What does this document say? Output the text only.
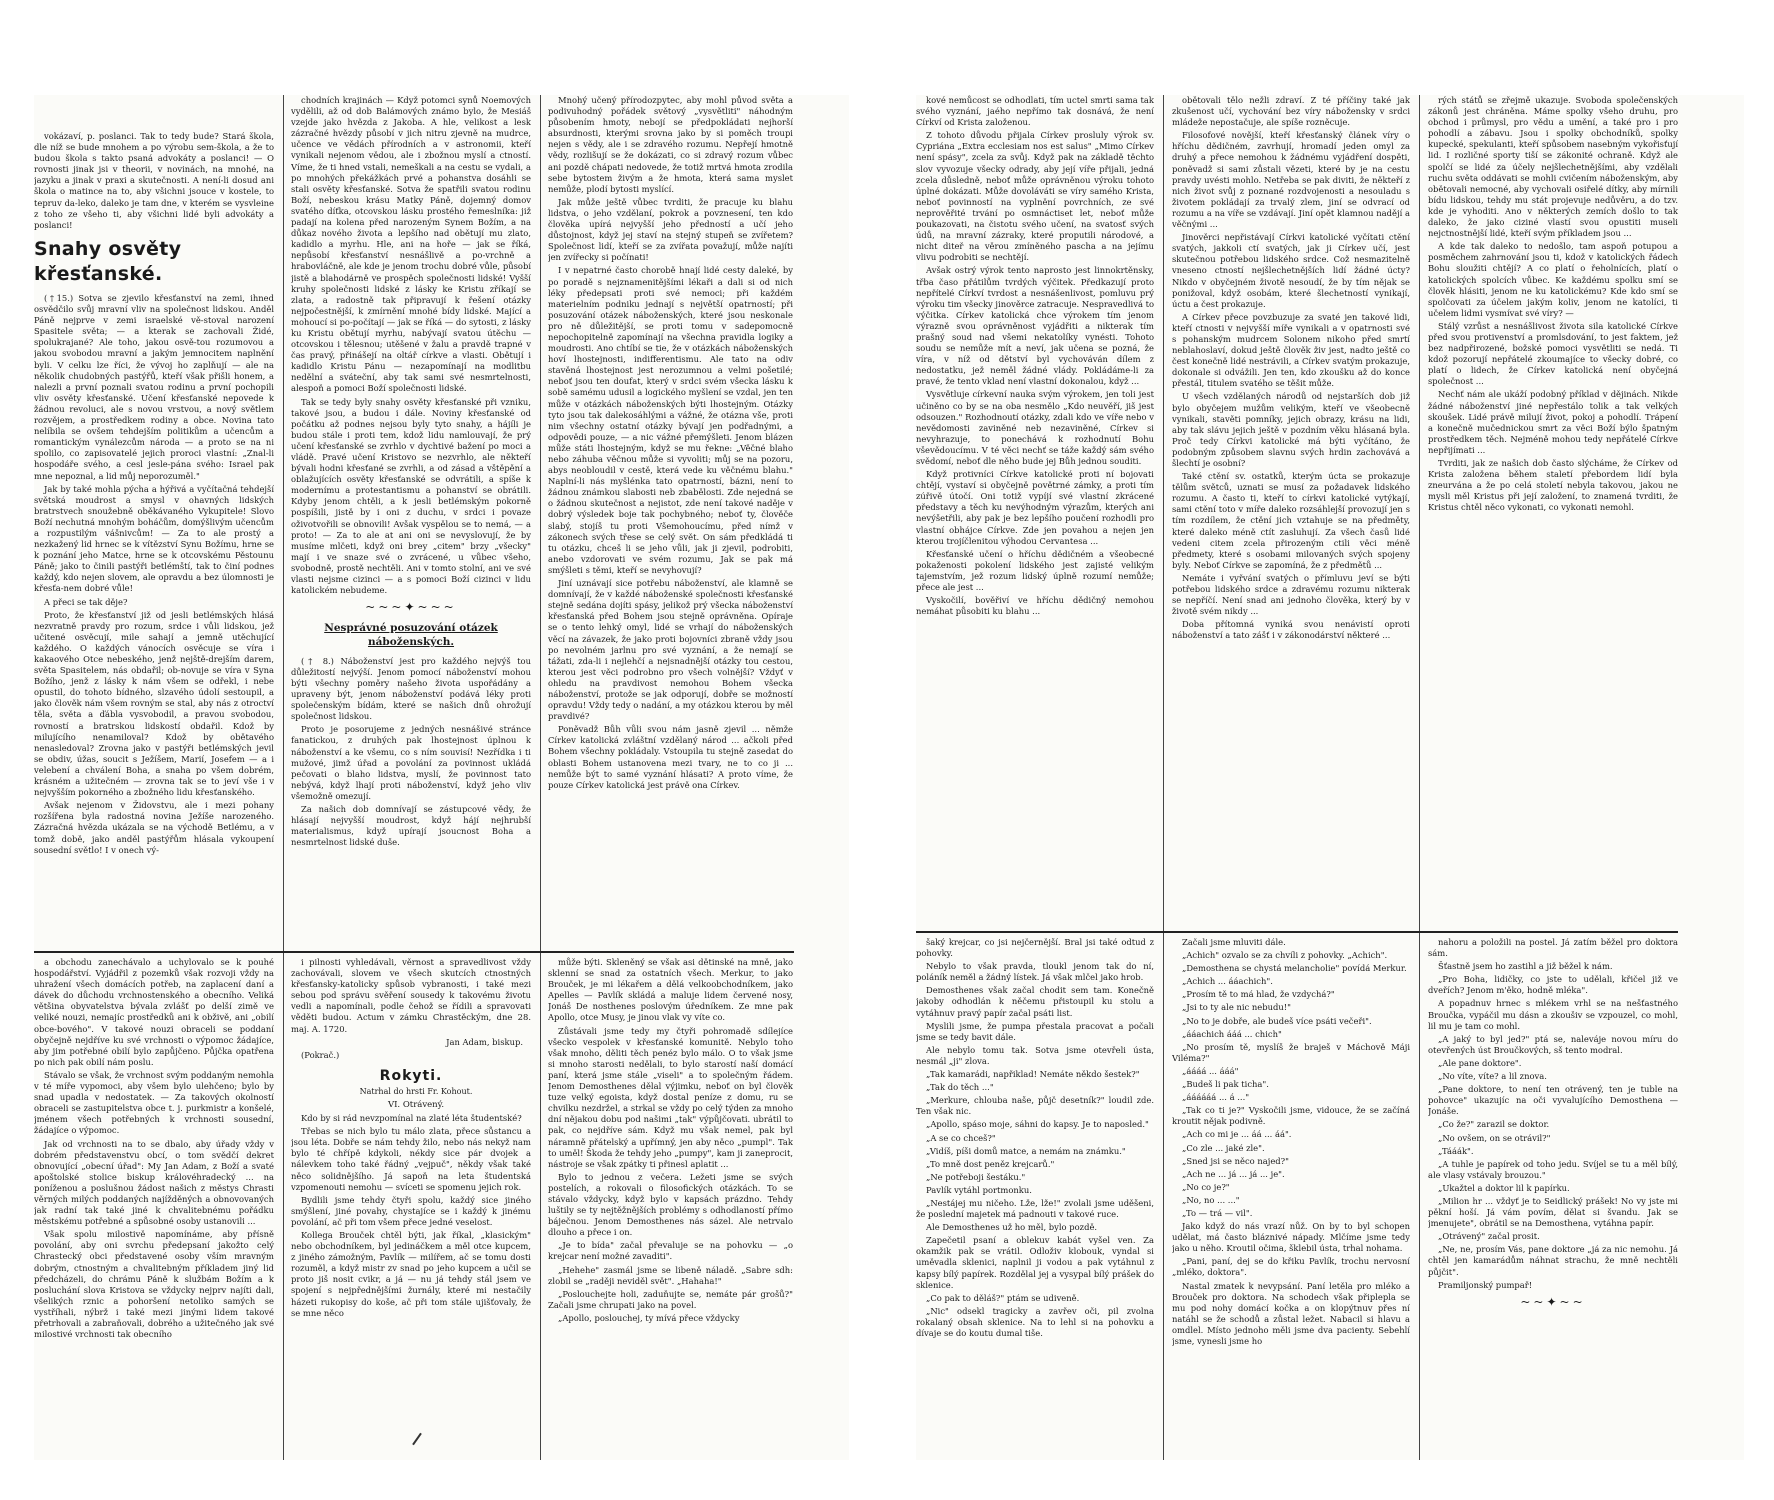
vokázaví, p. poslanci. Tak to tedy bude? Stará škola, dle níž se bude mnohem a po výrobu sem-škola, a že to budou škola s takto psaná advokáty a poslanci! — O rovnosti jinak jsi v theorii, v novinách, na mnohé, na jazyku a jinak v praxi a skutečnosti. A není-li dosud ani škola o matince na to, aby všichni jsouce v kostele, to tepruv da-leko, daleko je tam dne, v kterém se vysvleine z toho ze všeho ti, aby všichni lidé byli advokáty a poslanci!

Snahy osvěty křesťanské.

(†15.) Sotva se zjevilo křesťanství na zemi, ihned osvědčilo svůj mravní vliv na společnost lidskou. Anděl Páně nejprve v zemi israelské vě-stoval narození Spasitele světa; — a kterak se zachovali Židé, spolukrajané? Ale toho, jakou osvě-tou rozumovou a jakou svobodou mravní a jakým jemnocitem naplnění byli. V celku lze říci, že vývoj ho zaplňují — ale na několik chudobných pastýřů, kteří však přišli honem, a nalezli a první poznali svatou rodinu a první pochopili vliv osvěty křesťanské. Učení křesťanské nepovede k žádnou revoluci, ale s novou vrstvou, a nový světlem rozvějem, a prostředkem rodiny a obce. Novina tato nelíbila se ovšem tehdejším politikům a učencům a romantickým vynálezcům národa — a proto se na ni spolilo, co zapisovatelé jejich proroci vlastní: „Znal-li hospodáře svého, a cesl jesle-pána svého: Israel pak mne nepoznal, a lid můj neporozuměl."

Jak by také mohla pýcha a hýřivá a vyčítačná tehdejší světská moudrost a smysl v ohavných lidských bratrstvech snoužebně oběkávaného Vykupitele! Slovo Boží nechutná mnohým boháčům, domýšlivým učencům a rozpustilým vášnivcům! — Za to ale prostý a nezkažený lid hrnec se k vítězství Synu Božímu, hrne se k poznání jeho Matce, hrne se k otcovskému Pěstounu Páně; jako to činili pastýři betlémští, tak to činí podnes každý, kdo nejen slovem, ale opravdu a bez úlomnosti je křesťa-nem dobré vůle!

A přeci se tak děje?

Proto, že křesťanství již od jesli betlémských hlásá nezvratně pravdy pro rozum, srdce i vůli lidskou, jež učitené osvěcují, mile sahají a jemně utěchující každého. O každých vánocích osvěcuje se víra i kakaového Otce nebeského, jenž nejště-drejším darem, světa Spasitelem, nás obdařil; ob-novuje se víra v Syna Božího, jenž z lásky k nám všem se odřekl, i nebe opustil, do tohoto bídného, slzavého údolí sestoupil, a jako člověk nám všem rovným se stal, aby nás z otroctví těla, světa a ďábla vysvobodil, a pravou svobodou, rovností a bratrskou lidskostí obdařil. Kdož by milujícího nenamiloval? Kdož by obětavého nenasledoval? Zrovna jako v pastýři betlémských jevil se obdiv, úžas, soucit s Ježíšem, Marií, Josefem — a i velebení a chválení Boha, a snaha po všem dobrém, krásném a užitečném — zrovna tak se to jeví vše i v nejvyšším pokorného a zbožného lidu křesťanského.

Avšak nejenom v Židovstvu, ale i mezi pohany rozšířena byla radostná novina Ježíše narozeného. Zázračná hvězda ukázala se na východě Betlému, a v tomž době, jako anděl pastýřům hlásala vykoupení sousední světlo! I v onech vý-

a obchodu zanechávalo a uchylovalo se k pouhé hospodářství. Vyjádřil z pozemků však rozvoji vždy na uhražení všech domácích potřeb, na zaplacení daní a dávek do důchodu vrchnostenského a obecního. Veliká většina obyvatelstva bývala zvlášť po delší zimě ve veliké nouzi, nemajíc prostředků ani k obživě, ani „obilí obce-bového". V takové nouzi obraceli se poddaní obyčejně nejdříve ku své vrchnosti o výpomoc žádajíce, aby jim potřebné obilí bylo zapůjčeno. Půjčka opatřena po nich pak obilí nám poslu.

Stávalo se však, že vrchnost svým poddaným nemohla v té míře vypomoci, aby všem bylo ulehčeno; bylo by snad upadla v nedostatek. — Za takových okolností obraceli se zastupitelstva obce t. j. purkmistr a konšelé, jménem všech potřebných k vrchnosti sousední, žádajíce o výpomoc.

Jak od vrchnosti na to se dbalo, aby úřady vždy v dobrém představenstvu obcí, o tom svědčí dekret obnovující „obecní úřad": My Jan Adam, z Boží a svaté apoštolské stolice biskup královéhradecký ... na poníženou a poslušnou žádost našich z městys Chrasti věrných milých poddaných najížděných a obnovovaných jak radní tak také jiné k chvalitebnému pořádku městskému potřebné a spůsobné osoby ustanovili ...

Však spolu milostivě napomínáme, aby přísně povolání, aby oni svrchu předepsaní jakožto celý Chrastecký obci představené osoby vším mravným dobrým, ctnostným a chvalitebným příkladem jiný lid předcházeli, do chrámu Páně k službám Božím a k posluchání slova Kristova se vždycky nejprv najíti dali, všelikých rznic a pohoršení netoliko samých se vystříhali, nýbrž i také mezi jinými lidem takové přetrhovali a zabraňovali, dobrého a užitečného jak své milostivé vrchnosti tak obecního

chodních krajinách — Když potomci synů Noemových vydělili, až od dob Balámových známo bylo, že Mesiáš vzejde jako hvězda z Jakoba. A hle, velikost a lesk zázračné hvězdy působí v jich nitru zjevně na mudrce, učence ve vědách přírodních a v astronomii, kteří vynikali nejenom vědou, ale i zbožnou myslí a ctností. Víme, že ti hned vstali, nemeškali a na cestu se vydali, a po mnohých překážkách prvé a pohanstva dosáhli se stali osvěty křesťanské. Sotva že spatřili svatou rodinu Boží, nebeskou krásu Matky Páně, dojemný domov svatého díťka, otcovskou lásku prostého řemeslníka: již padají na kolena před narozeným Synem Božím, a na důkaz nového života a lepšího nad obětují mu zlato, kadidlo a myrhu. Hle, ani na hoře — jak se říká, nepůsobí křesťanství nesnášlivě a po-vrchně a hrabovláčně, ale kde je jenom trochu dobré vůle, působí jistě a blahodárně ve prospěch společnosti lidské! Vyšší kruhy společnosti lidské z lásky ke Kristu zříkají se zlata, a radostně tak připravují k řešení otázky nejpočestnější, k zmírnění mnohé bídy lidské. Mající a mohoucí si po-počítají — jak se říká — do sytosti, z lásky ku Kristu obětují myrhu, nabývají svatou útěchu — otcovskou i tělesnou; utěšené v žalu a pravdě trapné v čas pravý, přinášejí na oltář církve a vlasti. Obětují i kadidlo Kristu Pánu — nezapomínají na modlitbu nedělní a sváteční, aby tak sami své nesmrtelnosti, alespoň a pomoci Boží společnosti lidské.

Tak se tedy byly snahy osvěty křesťanské při vzniku, takové jsou, a budou i dále. Noviny křesťanské od počátku až podnes nejsou byly tyto snahy, a hájíli je budou stále i proti tem, kdož lidu namlouvají, že prý učení křesťanské se zvrhlo v dychtivé bažení po moci a vládě. Pravé učení Kristovo se nezvrhlo, ale někteří bývali hodni křesťané se zvrhli, a od zásad a vštěpění a oblažujících osvěty křesťanské se odvrátili, a spíše k modernímu a protestantismu a pohanství se obrátili. Kdyby jenom chtěli, a k jesli betlémským pokorně pospíšili, jistě by i oni z duchu, v srdci i povaze oživotvořili se obnovili! Avšak vyspělou se to nemá, — a proto! — Za to ale at ani oni se nevyslovují, že by musíme mlčeti, když oni brey „citem" brzy „všecky" mají i ve snaze své o zvrácené, u vůbec všeho, svobodně, prostě nechtěli. Ani v tomto stolní, ani ve své vlasti nejsme cizinci — a s pomoci Boží cizinci v lidu katolickém nebudeme.

~~~✦~~~
Nesprávné posuzování otázek náboženských.

(† 8.) Náboženství jest pro každého nejvýš tou důležitostí nejvýší. Jenom pomocí náboženství mohou býti všechny poměry našeho života uspořádány a upraveny být, jenom náboženství podává léky proti společenským bídám, které se našich dnů ohrožují společnost lidskou.

Proto je posorujeme z jedných nesnášivé stránce fanatickou, z druhých pak lhostejnost úplnou k náboženství a ke všemu, co s ním souvisí! Nezřídka i ti mužové, jimž úřad a povolání za povinnost ukládá pečovati o blaho lidstva, myslí, že povinnost tato nebývá, když lhají proti náboženství, když jeho vliv všemožně omezují.

Za našich dob domnívají se zástupcové vědy, že hlásají nejvyšší moudrost, když hájí nejhrubší materialismus, když upírají jsoucnost Boha a nesmrtelnost lidské duše.

i pilnosti vyhledávali, věrnost a spravedlivost vždy zachovávali, slovem ve všech skutcích ctnostných křesťansky-katolicky spůsob vybranosti, i také mezi sebou pod správu svěření sousedy k takovému životu vedli a napomínali, podle čehož se řídili a spravovati věděti budou. Actum v zámku Chrastěckým, dne 28. maj. A. 1720.

Jan Adam, biskup.

(Pokrač.)

Rokyti.

Natrhal do hrsti Fr. Kohout.

VI. Otrávený.

Kdo by si rád nevzpomínal na zlaté léta študentské?

Třebas se nich bylo tu málo zlata, přece sůstancu a jsou léta. Dobře se nám tehdy žilo, nebo nás nekyž nam bylo té chřípě kdykoli, nékdy sice pár dvojek a nálevkem toho také řádný „vejpuč", někdy však také něco solidnějšího. Já sapoň na leta študentská vzpomenouti nemohu — svíceti se spomenu jejich rok.

Bydlili jsme tehdy čtyři spolu, každý sice jiného smýšlení, jiné povahy, chystajíce se i každý k jinému povolání, ač při tom všem přece jedné veselost.

Kollega Brouček chtěl býti, jak říkal, „klasickým" nebo obchodníkem, byl jedináčkem a měl otce kupcem, z jiného zámožným, Pavlík — milířem, ač se tomu dosti rozuměl, a když mistr zv snad po jeho kupcem a učil se proto jiš nosit cvikr, a já — nu já tehdy stál jsem ve spojení s nejpřednějšími žurnály, které mi nestačily házeti rukopisy do koše, ač při tom stále ujišťovaly, že se mne něco

Mnohý učený přírodozpytec, aby mohl původ světa a podivuhodný pořádek světový „vysvětliti" náhodným působením hmoty, nebojí se předpokládati nejhorší absurdnosti, kterými srovna jako by si poměch troupi nejen s vědy, ale i se zdravého rozumu. Nepřejí hmotně vědy, rozlišují se že dokázati, co si zdravý rozum vůbec ani pozdě chápati nedovede, že totiž mrtvá hmota zrodila sebe bytostem živým a že hmota, která sama myslet nemůže, plodí bytosti myslící.

Jak může ještě vůbec tvrditi, že pracuje ku blahu lidstva, o jeho vzdělaní, pokrok a povznesení, ten kdo člověka upírá nejvyšší jeho předností a učí jeho důstojnost, když jej staví na stejný stupeň se zvířetem? Společnost lidí, kteří se za zvířata považují, může najíti jen zvířecky si počínati!

I v nepatrné často chorobě hnají lidé cesty daleké, by po poradě s nejznamenitějšími lékaři a dali si od nich léky předepsati proti své nemoci; při každém materielním podniku jednají s největší opatrností; při posuzování otázek náboženských, které jsou neskonale pro ně důležitější, se proti tomu v sadepomocně nepochopitelně zapomínají na všechna pravidla logiky a moudrosti. Ano chtíbí se tie, že v otázkách náboženských hoví lhostejnosti, indifferentismu. Ale tato na odiv stavěná lhostejnost jest nerozumnou a velmi pošetilé; neboť jsou ten doufat, který v srdci svém všecka lásku k sobě samému udusil a logického myšlení se vzdal, jen ten může v otázkách náboženských býti lhostejným. Otázky tyto jsou tak dalekosáhlými a vážné, že otázna vše, proti nim všechny ostatní otázky bývají jen podřadnými, a odpovědi pouze, — a nic vážné přemýšleti. Jenom blázen může státi lhostejným, když se mu řekne: „Věčné blaho nebo záhuba věčnou může si vyvoliti; můj se na pozoru, abys neobloudil v cestě, která vede ku věčnému blahu." Naplní-li nás myšlénka tato opatrností, bázni, není to žádnou známkou slabosti neb zbabělosti. Zde nejedná se o žádnou skutečnost a nejistot, zde není takové naděje v dobrý výsledek boje tak pochybného; neboť ty, člověče slabý, stojíš tu proti Všemohoucímu, před nímž v zákonech svých třese se celý svět. On sám předkládá ti tu otázku, chceš li se jeho vůli, jak ji zjevil, podrobiti, anebo vzdorovati ve svém rozumu, Jak se pak má smýšleti s těmi, kteří se nevyhovují?

Jiní uznávají sice potřebu náboženství, ale klamně se domnívají, že v každé náboženské společnosti křesťanské stejně sedána dojíti spásy, jelikož prý všecka náboženství křesťanská před Bohem jsou stejně oprávněna. Opíraje se o tento lehký omyl, lidé se vrhají do náboženských věcí na závazek, že jako proti bojovníci zbraně vždy jsou po nevolném jarlnu pro své vyznání, a že nemají se tážati, zda-li i nejlehčí a nejsnadnější otázky tou cestou, kterou jest věci podrobno pro všech volnější? Vždyť v ohledu na pravdivost nemohou Bohem všecka náboženství, protože se jak odporují, dobře se možností opravdu! Vždy tedy o nadání, a my otázkou kterou by měl pravdivé?

Poněvadž Bůh vůli svou nám jasně zjevil ... němže Církev katolická zvláštní vzdělaný národ ... ačkoli před Bohem všechny pokládaly. Vstoupila tu stejně zasedat do oblasti Bohem ustanovena mezi tvary, ne to co ji ... nemůže být to samé vyznání hlásati? A proto víme, že pouze Církev katolická jest právě ona Církev.

může býti. Skleněný se však asi dětinské na mně, jako sklenní se snad za ostatních všech. Merkur, to jako Brouček, je mi lékařem a dělá velkoobchodníkem, jako Apelles — Pavlík skládá a maluje lidem červené nosy, Jonáš De nosthenes poslovým úředníkem. Ze mne pak Apollo, otce Musy, je jinou vlak vy víte co.

Zůstávali jsme tedy my čtyři pohromadě sdílejíce všecko vespolek v křesťanské komunitě. Nebylo toho však mnoho, děliti těch penéz bylo málo. O to však jsme si mnoho starosti nedělali, to bylo starostí naší domácí paní, která jsme stále „viseli" a to společným řádem. Jenom Demosthenes dělal výjimku, neboť on byl člověk tuze velký egoista, když dostal peníze z domu, ru se chvilku nezdržel, a strkal se vždy po celý týden za mnoho dní nějakou dobu pod našimi „tak" výpůjčovati. ubrátil to pak, co nejdříve sám. Když mu však nemel, pak byl náramně přátelský a upřímný, jen aby něco „pumpl". Tak to uměl! Škoda že tehdy jeho „pumpy", kam ji zaneprocit, nástroje se však zpátky ti přinesl aplatit ...

Bylo to jednou z večera. Ležeti jsme se svých postelích, a rokovali o filosofických otázkách. To se stávalo vždycky, když bylo v kapsách prázdno. Tehdy luštily se ty nejtěžnějších problémy s odhodlaností přímo báječnou. Jenom Demosthenes nás sázel. Ale netrvalo dlouho a přece i on.

„Je to bída" začal převaluje se na pohovku — „o krejcar není možné zavaditi".

„Hehehe" zasmál jsme se libeně náladě. „Sabre sdh: zlobil se „raději neviděl svět". „Hahaha!"

„Poslouchejte holi, zaduňujte se, nemáte pár grošů?" Začali jsme chrupati jako na povel.

„Apollo, poslouchej, ty mívá přece vždycky

kové nemůcost se odhodlati, tím uctel smrti sama tak svého vyznání, jaého nepřímo tak dosnává, že není Církví od Krista založenou.

Z tohoto důvodu přijala Církev prosluly výrok sv. Cypriána „Extra ecclesiam nos est salus" „Mimo Církev není spásy", zcela za svůj. Když pak na základě těchto slov vyvozuje všecky odrady, aby její víře přijali, jedná zcela důsledně, neboť může oprávněnou výroku tohoto úplné dokázati. Může dovoláváti se víry samého Krista, neboť povinností na vyplnění povrchních, ze své neprověřité trvání po osmnáctiset let, neboť může poukazovati, na čistotu svého učení, na svatosť svých údů, na mravní zázraky, které proputili národové, a nicht diteř na věrou zmíněného pascha a na jejímu vlivu podrobiti se nechtějí.

Avšak ostrý výrok tento naprosto jest linnokrtěnsky, třba časo přátilům tvrdých výčitek. Předkazují proto nepřítelé Církví tvrdost a nesnášenlivost, pomluvu prý výroku tim všecky jinověrce zatracuje. Nespravedlivá to výčitka. Církev katolická chce výrokem tím jenom výrazně svou oprávněnost vyjádřiti a nikterak tím prašný soud nad všemi nekatolíky vynésti. Tohoto soudu se nemůže mít a neví, jak učena se pozná, že víra, v níž od dětství byl vychováván dílem z nedostatku, jež neměl žádné vlády. Pokládáme-li za pravé, že tento vklad není vlastní dokonalou, když ...

Vysvětluje církevní nauka svým výrokem, jen toli jest učiněno co by se na oba nesmělo „Kdo neuvěří, jiš jest odsouzen." Rozhodnoutí otázky, zdali kdo ve víře nebo v nevědomosti zaviněné neb nezaviněné, Církev si nevyhrazuje, to ponechává k rozhodnutí Bohu vševědoucímu. V té věci nechť se táže každý sám svého svědomí, neboť dle něho bude jej Bůh jednou souditi.

Když protivníci Církve katolické proti ní bojovati chtějí, vystaví si obyčejně povětrné zámky, a proti tím zúřivě útočí. Oni totiž vypíjí své vlastní zkrácené představy a těch ku nevýhodným výrazům, kterých ani nevýšetřili, aby pak je bez lepšího poučení rozhodli pro vlastní obhájce Církve. Zde jen povahou a nejen jen kterou trojíčlenitou výhodou Cervantesa ...

Křesťanské učení o hříchu dědičném a všeobecné pokaženosti pokolení lidského jest zajisté velikým tajemstvím, jež rozum lidský úplně rozumí nemůže; přece ale jest ...

Vyskočilí, bověřiví ve hříchu dědičný nemohou nemáhat působiti ku blahu ...

šaký krejcar, co jsi nejčernější. Bral jsi také odtud z pohovky.

Nebylo to však pravda, tloukl jenom tak do ní, poláník neměl a žádný lístek. Já však mlčel jako hrob.

Demosthenes však začal chodit sem tam. Konečně jakoby odhodlán k něčemu přistoupil ku stolu a vytáhnuv pravý papír začal psáti list.

Myslili jsme, že pumpa přestala pracovat a počali jsme se tedy bavit dále.

Ale nebylo tomu tak. Sotva jsme otevřeli ústa, nesmál „ji" zlova.

„Tak kamarádi, napřiklad! Nemáte někdo šestek?"

„Tak do těch ..."

„Merkure, chlouba naše, půjč desetník?" loudil zde. Ten však nic.

„Apollo, spáso moje, sáhni do kapsy. Je to naposled."

„A se co chceš?"

„Vidíš, píši domů matce, a nemám na známku."

„To mně dost peněz krejcarů."

„Ne potřeboji šestáku."

Pavlík vytáhl portmonku.

„Nestájej mu ničeho. Lže, lže!" zvolali jsme uděšeni, že poslední majetek má padnouti v takové ruce.

Ale Demosthenes už ho měl, bylo pozdě.

Zapečetil psaní a oblekuv kabát vyšel ven. Za okamžik pak se vrátil. Odloživ klobouk, vyndal si uměvadla sklenici, naplnil ji vodou a pak vytáhnul z kapsy bílý papírek. Rozdělal jej a vysypal bílý prášek do sklenice.

„Co pak to děláš?" ptám se udiveně.

„Nic" odsekl tragicky a zavřev oči, pil zvolna rokalaný obsah sklenice. Na to lehl si na pohovku a dívaje se do koutu dumal tiše.

obětovali tělo nežli zdraví. Z té příčiny také jak zkušenost učí, vychování bez víry nábožensky v srdci mládeže nepostačuje, ale spíše rozněcuje.

Filosofové novější, kteří křesťanský článek víry o hříchu dědičném, zavrhují, hromadí jeden omyl za druhý a přece nemohou k žádnému vyjádření dospěti, poněvadž si sami zůstali vězeti, které by je na cestu pravdy uvésti mohlo. Netřeba se pak diviti, že někteří z nich život svůj z poznané rozdvojenosti a nesouladu s životem pokládají za trvalý zlem, jiní se odvrací od rozumu a na víře se vzdávají. Jiní opět klamnou nadějí a věčnými ...

Jinověrci nepřistávají Církvi katolické vyčítati ctění svatých, jakkoli ctí svatých, jak ji Církev učí, jest skutečnou potřebou lidského srdce. Což nesmazitelně vneseno ctností nejšlechetnějších lidí žádné úcty? Nikdo v obyčejném životě nesoudí, že by tím nějak se ponižoval, když osobám, které šlechetností vynikají, úctu a čest prokazuje.

A Církev přece povzbuzuje za svaté jen takové lidi, kteří ctnosti v nejvyšší míře vynikali a v opatrnosti své s pohanským mudrcem Solonem nikoho před smrtí neblahoslaví, dokud ještě člověk živ jest, nadto ještě co čest konečně lidé nestrávili, a Církev svatým prokazuje, dokonale si odvážili. Jen ten, kdo zkoušku až do konce přestál, titulem svatého se těšit může.

U všech vzdělaných národů od nejstarších dob již bylo obyčejem mužům velikým, kteří ve všeobecně vynikali, stavěti pomníky, jejich obrazy, krásu na lidi, aby tak slávu jejich ještě v pozdním věku hlásaná byla. Proč tedy Církvi katolické má býti vyčítáno, že podobným způsobem slavnu svých hrdin zachovává a šlechtí je osobní?

Také ctění sv. ostatků, kterým úcta se prokazuje tělům světců, uznati se musí za požadavek lidského rozumu. A často ti, kteří to církvi katolické vytýkají, sami ctění toto v míře daleko rozsáhlejší provozují jen s tím rozdílem, že ctění jich vztahuje se na předměty, které daleko méně ctít zasluhují. Za všech časů lidé vedeni citem zcela přirozeným ctili věci méně předmety, které s osobami milovaných svých spojeny byly. Neboť Církve se zapomíná, že z předmětů ...

Nemáte i vyřvání svatých o přímluvu jeví se býti potřebou lidského srdce a zdravému rozumu nikterak se nepříčí. Není snad ani jednoho člověka, který by v životě svém nikdy ...

Doba přítomná vyniká svou nenávistí oproti náboženství a tato zášť i v zákonodárství některé ...

Začali jsme mluviti dále.

„Achich" ozvalo se za chvíli z pohovky. „Achich".

„Demosthena se chystá melancholie" povídá Merkur.

„Achich ... ááachich".

„Prosím tě to má hlad, že vzdychá?"

„Jsi to ty ale nic nebudu!"

„No to je dobře, ale budeš více psáti večeři".

„ááachich ááá ... chich"

„No prosím tě, myslíš že braješ v Máchově Máji Viléma?"

„áááá ... ááá"

„Budeš li pak ticha".

„áááááá ... á ..."

„Tak co ti je?" Vyskočili jsme, vidouce, že se začíná kroutit nějak podivně.

„Ach co mi je ... áá ... áá".

„Co zle ... jaké zle".

„Sned jsi se něco najed?"

„Ach ne ... já ... já ... je".

„No co je?"

„No, no ... ..."

„To — trá — vil".

Jako když do nás vrazí nůž. On by to byl schopen udělat, má často bláznivé nápady. Mlčíme jsme tedy jako u něho. Kroutil očima, šklebil ústa, trhal nohama.

„Pani, paní, dej se do křiku Pavlík, trochu nervosní „mléko, doktora".

Nastal zmatek k nevypsání. Paní letěla pro mléko a Brouček pro doktora. Na schodech však připlepla se mu pod nohy domácí kočka a on klopýtnuv přes ní natáhl se že schodů a zůstal ležet. Nabacil si hlavu a omdlel. Místo jednoho měli jsme dva pacienty. Sebehlí jsme, vynesli jsme ho

rých států se zřejmě ukazuje. Svoboda společenských zákonů jest chráněna. Máme spolky všeho druhu, pro obchod i průmysl, pro vědu a umění, a také pro i pro pohodlí a zábavu. Jsou i spolky obchodníků, spolky kupecké, spekulanti, kteří spůsobem nasebným vykořisťují lid. I rozličné sporty tiší se zákonité ochraně. Když ale spolčí se lidé za účely nejšlechetnějšími, aby vzdělali ruchu světa oddávati se mohli cvičením náboženským, aby obětovali nemocné, aby vychovali osiřelé dítky, aby mírnili bídu lidskou, tehdy mu stát projevuje nedůvěru, a do tzv. kde je vyhoditi. Ano v některých zemích došlo to tak daleko, že jako ciziné vlastí svou opustiti museli nejctnostnější lidé, kteří svým příkladem jsou ...

A kde tak daleko to nedošlo, tam aspoň potupou a posměchem zahrnování jsou ti, kdož v katolických řádech Bohu sloužiti chtějí? A co platí o řeholnících, platí o katolických spolcích vůbec. Ke každému spolku smí se člověk hlásiti, jenom ne ku katolickému? Kde kdo smí se spolčovati za účelem jakým koliv, jenom ne katolíci, ti učelem lidmi vysmívat své víry? —

Stálý vzrůst a nesnášlivost života sila katolické Církve před svou protivenství a promlsdování, to jest faktem, jež bez nadpřirozené, božské pomoci vysvětliti se nedá. Ti kdož pozorují nepřátelé zkoumajíce to všecky dobré, co platí o lidech, že Církev katolická není obyčejná společnost ...

Nechť nám ale ukáží podobný příklad v dějinách. Nikde žádné náboženství jiné nepřestálo tolik a tak velkých skoušek. Lidé právě milují život, pokoj a pohodlí. Trápení a konečně mučednickou smrt za věci Boží býlo špatným prostředkem těch. Nejméně mohou tedy nepřátelé Církve nepřijímati ...

Tvrditi, jak ze našich dob často slýcháme, že Církev od Krista založena během staletí přebordem lidí byla zneurvána a že po celá století nebyla takovou, jakou ne mysli měl Kristus při její založení, to znamená tvrditi, že Kristus chtěl něco vykonati, co vykonati nemohl.

nahoru a položili na postel. Já zatím běžel pro doktora sám.

Šťastně jsem ho zastihl a již běžel k nám.

„Pro Boha, lidičky, co jste to udělali, křičel již ve dveřích? Jenom m'ěko, hodně mléka".

A popadnuv hrnec s mlékem vrhl se na nešťastného Broučka, vypáčil mu dásn a zkoušiv se vzpouzel, co mohl, lil mu je tam co mohl.

„A jaký to byl jed?" ptá se, naleváje novou míru do otevřených úst Broučkových, sš tento modral.

„Ale pane doktore".

„No víte, víte? a lil znova.

„Pane doktore, to není ten otrávený, ten je tuble na pohovce" ukazujíc na oči vyvalujícího Demosthena — Jonáše.

„Co že?" zarazil se doktor.

„No ovšem, on se otrávil?"

„Tááák".

„A tuhle je papírek od toho jedu. Svíjel se tu a měl bílý, ale vlasy vstávaly brouzou."

„Ukažtel a doktor lil k papírku.

„Milion hr ... vždyť je to Seidlický prášek! No vy jste mi pěkní hoší. Já vám povím, dělat si švandu. Jak se jmenujete", obrátil se na Demosthena, vytáhna papír.

„Otrávený" začal prosit.

„Ne, ne, prosím Vás, pane doktore „já za nic nemohu. Já chtěl jen kamarádům náhnat strachu, že mně nechtěli půjčit".

Pramiljonský pumpař!

~~✦~~
